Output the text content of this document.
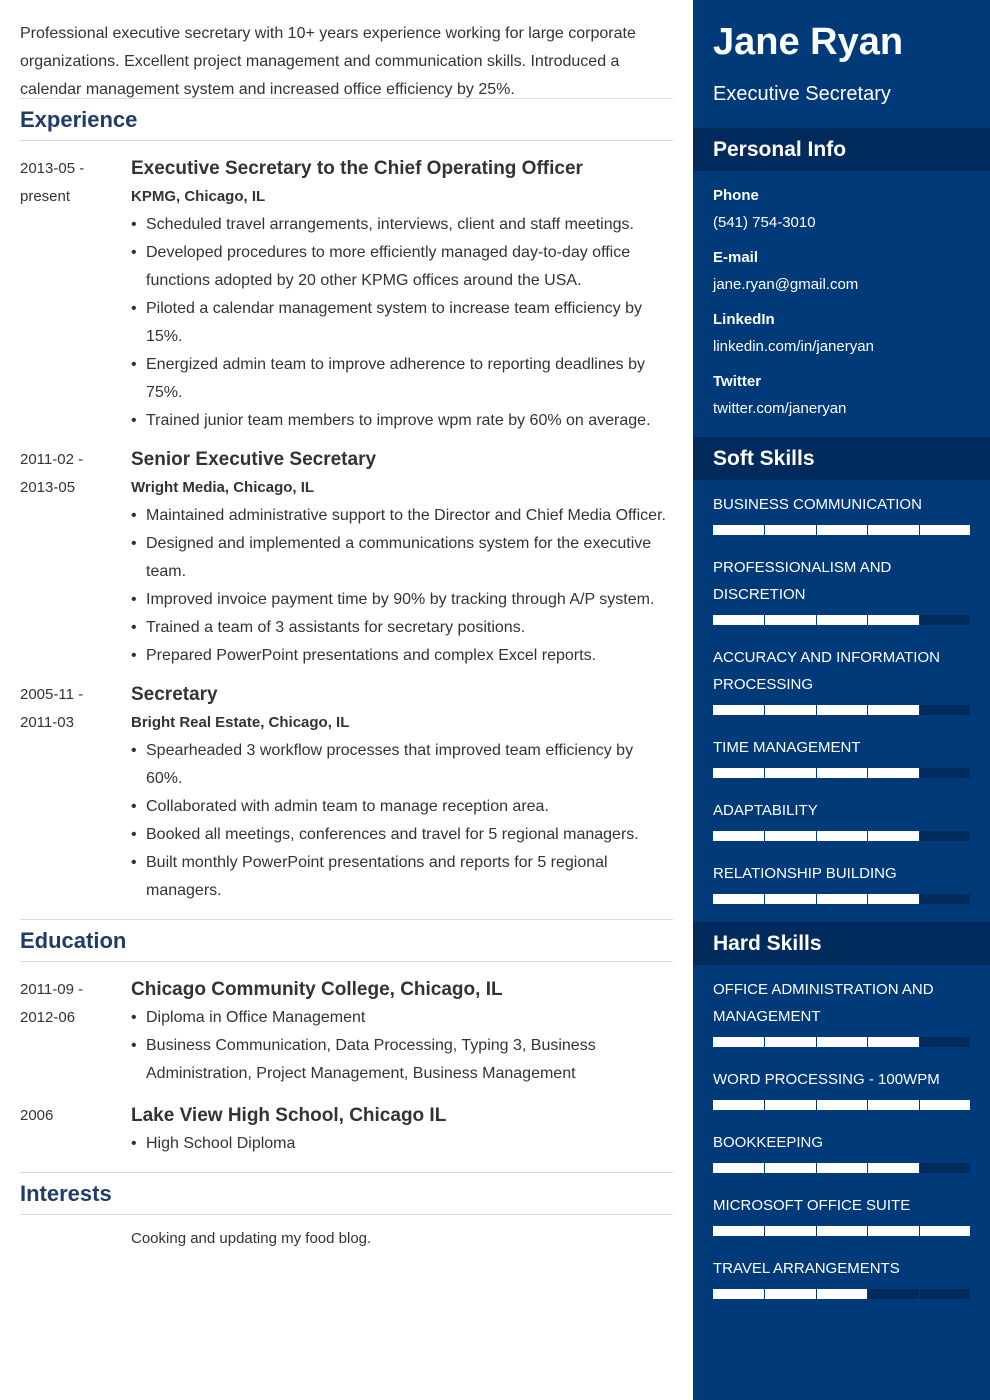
Professional executive secretary with 10+ years experience working for large corporate organizations. Excellent project management and communication skills. Introduced a calendar management system and increased office efficiency by 25%.

Experience
2013-05 -
present
Executive Secretary to the Chief Operating Officer
KPMG, Chicago, IL
• Scheduled travel arrangements, interviews, client and staff meetings.
• Developed procedures to more efficiently managed day-to-day office functions adopted by 20 other KPMG offices around the USA.
• Piloted a calendar management system to increase team efficiency by 15%.
• Energized admin team to improve adherence to reporting deadlines by 75%.
• Trained junior team members to improve wpm rate by 60% on average.
2011-02 -
2013-05
Senior Executive Secretary
Wright Media, Chicago, IL
• Maintained administrative support to the Director and Chief Media Officer.
• Designed and implemented a communications system for the executive team.
• Improved invoice payment time by 90% by tracking through A/P system.
• Trained a team of 3 assistants for secretary positions.
• Prepared PowerPoint presentations and complex Excel reports.
2005-11 -
2011-03
Secretary
Bright Real Estate, Chicago, IL
• Spearheaded 3 workflow processes that improved team efficiency by 60%.
• Collaborated with admin team to manage reception area.
• Booked all meetings, conferences and travel for 5 regional managers.
• Built monthly PowerPoint presentations and reports for 5 regional managers.
Education
2011-09 -
2012-06
Chicago Community College, Chicago, IL
• Diploma in Office Management
• Business Communication, Data Processing, Typing 3, Business Administration, Project Management, Business Management
2006	Lake View High School, Chicago IL
• High School Diploma
Interests

Cooking and updating my food blog.

Jane Ryan
Executive Secretary
Personal Info
Phone
(541) 754-3010
E-mail
jane.ryan@gmail.com
LinkedIn
linkedin.com/in/janeryan
Twitter
twitter.com/janeryan
Soft Skills
BUSINESS COMMUNICATION
PROFESSIONALISM AND DISCRETION
ACCURACY AND INFORMATION PROCESSING
TIME MANAGEMENT
ADAPTABILITY
RELATIONSHIP BUILDING
Hard Skills
OFFICE ADMINISTRATION AND MANAGEMENT
WORD PROCESSING - 100WPM
BOOKKEEPING
MICROSOFT OFFICE SUITE
TRAVEL ARRANGEMENTS
